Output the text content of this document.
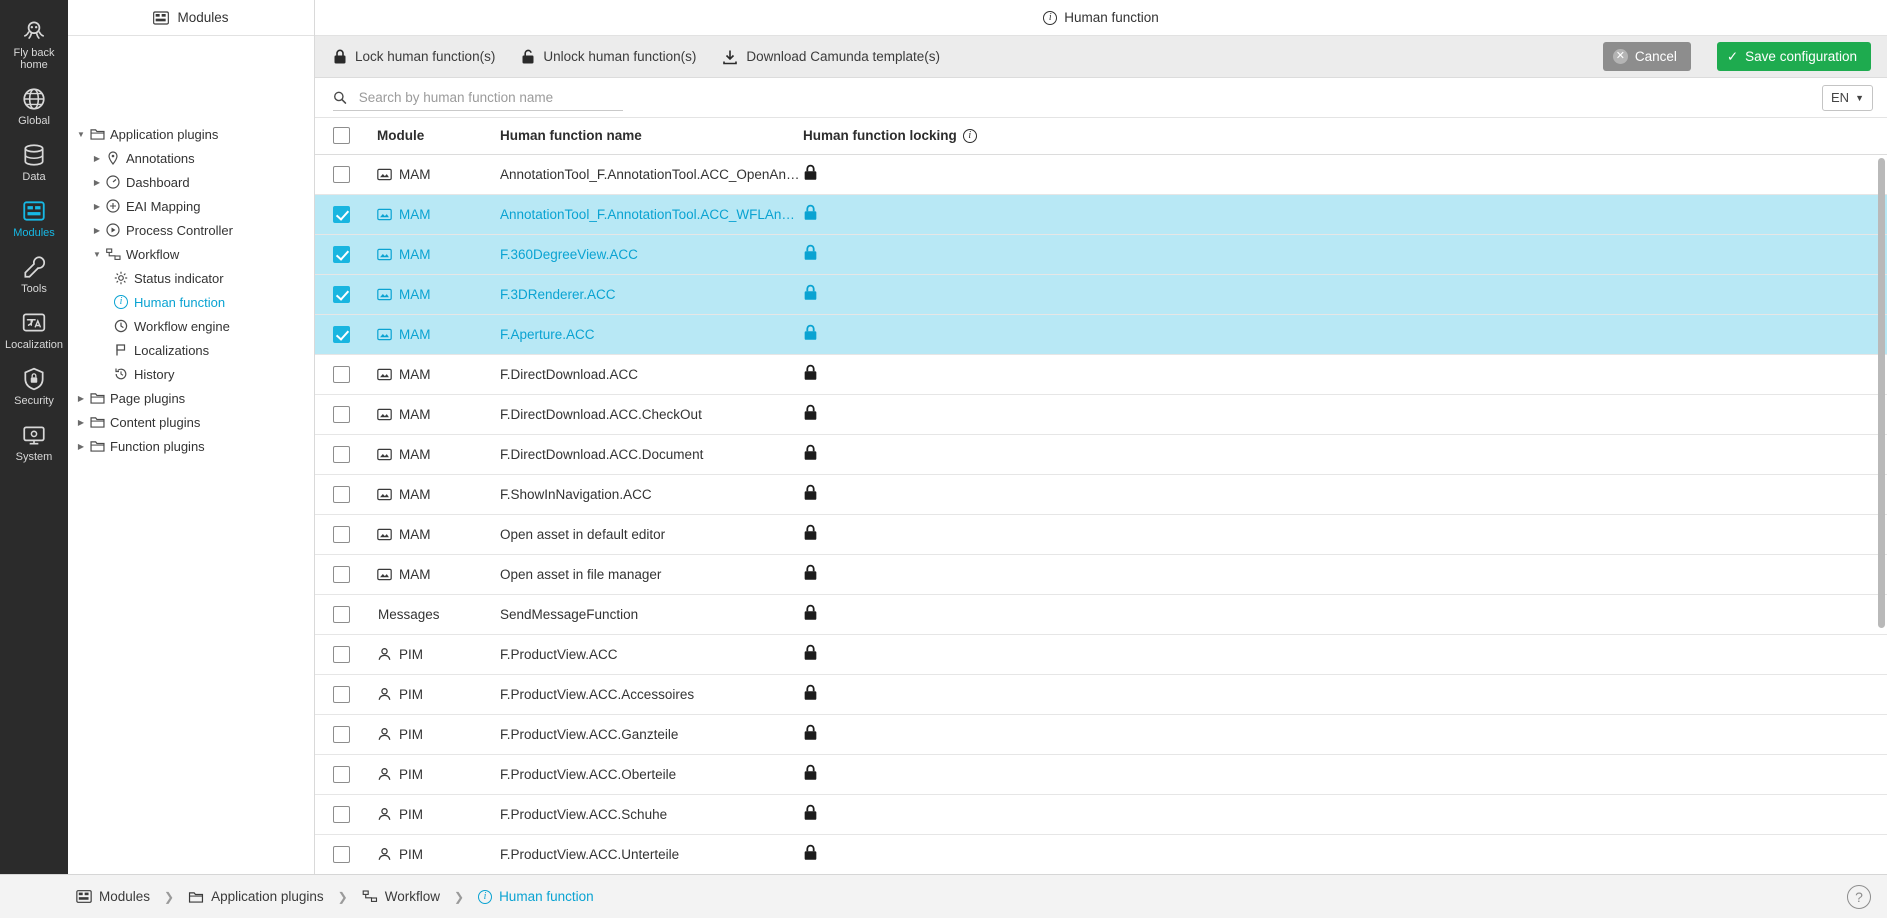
Fly back home
Global
Data
Modules
Tools
Localization
Security
System
Modules
▼ Application plugins
▶	Annotations
▶	Dashboard
▶	EAI Mapping
▶	Process Controller
▼ Workflow
Status indicator
i Human function
Workflow engine
Localizations
History
▶	Page plugins
▶	Content plugins
▶	Function plugins
i Human function
Lock human function(s)	Unlock human function(s)	Download Camunda template(s)	✕ Cancel	✓ Save configuration
Search by human function name
EN ▼
	Module	Human function name	Human function locking i

	MAM	AnnotationTool_F.AnnotationTool.ACC_OpenAn…	

	MAM	AnnotationTool_F.AnnotationTool.ACC_WFLAn…	

	MAM	F.360DegreeView.ACC	

	MAM	F.3DRenderer.ACC	

	MAM	F.Aperture.ACC	

	MAM	F.DirectDownload.ACC	

	MAM	F.DirectDownload.ACC.CheckOut	

	MAM	F.DirectDownload.ACC.Document	

	MAM	F.ShowInNavigation.ACC	

	MAM	Open asset in default editor	

	MAM	Open asset in file manager	

	Messages	SendMessageFunction	

	PIM	F.ProductView.ACC	

	PIM	F.ProductView.ACC.Accessoires	

	PIM	F.ProductView.ACC.Ganzteile	

	PIM	F.ProductView.ACC.Oberteile	

	PIM	F.ProductView.ACC.Schuhe	

	PIM	F.ProductView.ACC.Unterteile	
Modules ❯	Application plugins ❯	Workflow ❯	i Human function	?
